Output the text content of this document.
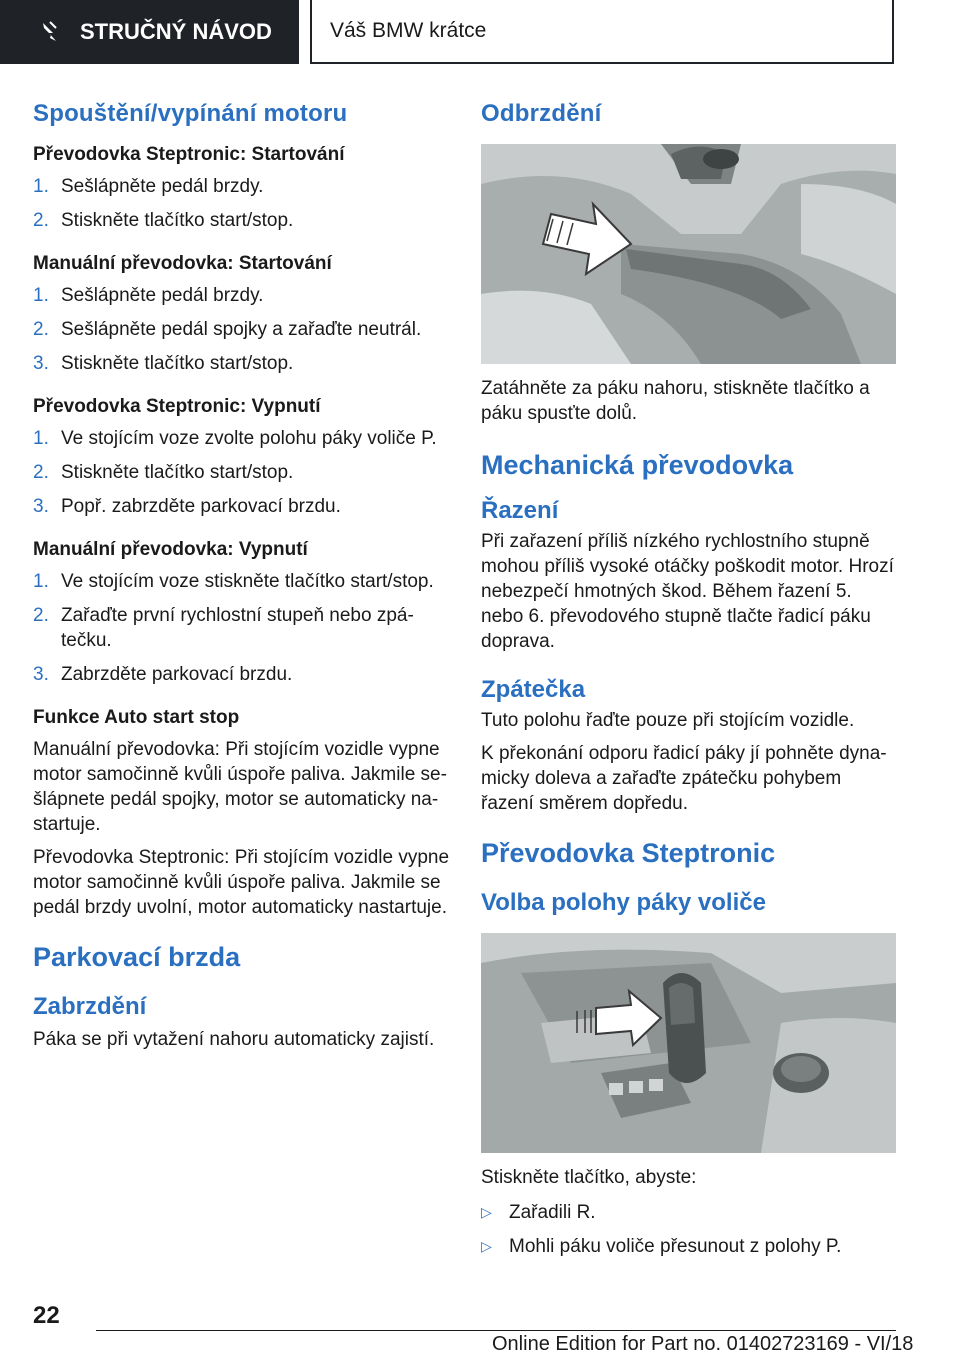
STRUČNÝ NÁVOD	Váš BMW krátce
Spouštění/vypínání motoru
Převodovka Steptronic: Startování
1. Sešlápněte pedál brzdy.
2. Stiskněte tlačítko start/stop.
Manuální převodovka: Startování
1. Sešlápněte pedál brzdy.
2. Sešlápněte pedál spojky a zařaďte neutrál.
3. Stiskněte tlačítko start/stop.
Převodovka Steptronic: Vypnutí
1. Ve stojícím voze zvolte polohu páky voliče P.
2. Stiskněte tlačítko start/stop.
3. Popř. zabrzděte parkovací brzdu.
Manuální převodovka: Vypnutí
1. Ve stojícím voze stiskněte tlačítko start/stop.
2. Zařaďte první rychlostní stupeň nebo zpá-tečku.
3. Zabrzděte parkovací brzdu.
Funkce Auto start stop

Manuální převodovka: Při stojícím vozidle vypne motor samočinně kvůli úspoře paliva. Jakmile se-šlápnete pedál spojky, motor se automaticky na-startuje.

Převodovka Steptronic: Při stojícím vozidle vypne motor samočinně kvůli úspoře paliva. Jakmile se pedál brzdy uvolní, motor automaticky nastartuje.

Parkovací brzda
Zabrzdění

Páka se při vytažení nahoru automaticky zajistí.

Odbrzdění

Zatáhněte za páku nahoru, stiskněte tlačítko a páku spusťte dolů.

Mechanická převodovka
Řazení

Při zařazení příliš nízkého rychlostního stupně mohou příliš vysoké otáčky poškodit motor. Hrozí nebezpečí hmotných škod. Během řazení 5. nebo 6. převodového stupně tlačte řadicí páku doprava.

Zpátečka

Tuto polohu řaďte pouze při stojícím vozidle.

K překonání odporu řadicí páky jí pohněte dyna-micky doleva a zařaďte zpátečku pohybem řazení směrem dopředu.

Převodovka Steptronic
Volba polohy páky voliče

Stiskněte tlačítko, abyste:

▷ Zařadili R.
▷ Mohli páku voliče přesunout z polohy P.
22
Online Edition for Part no. 01402723169 - VI/18
